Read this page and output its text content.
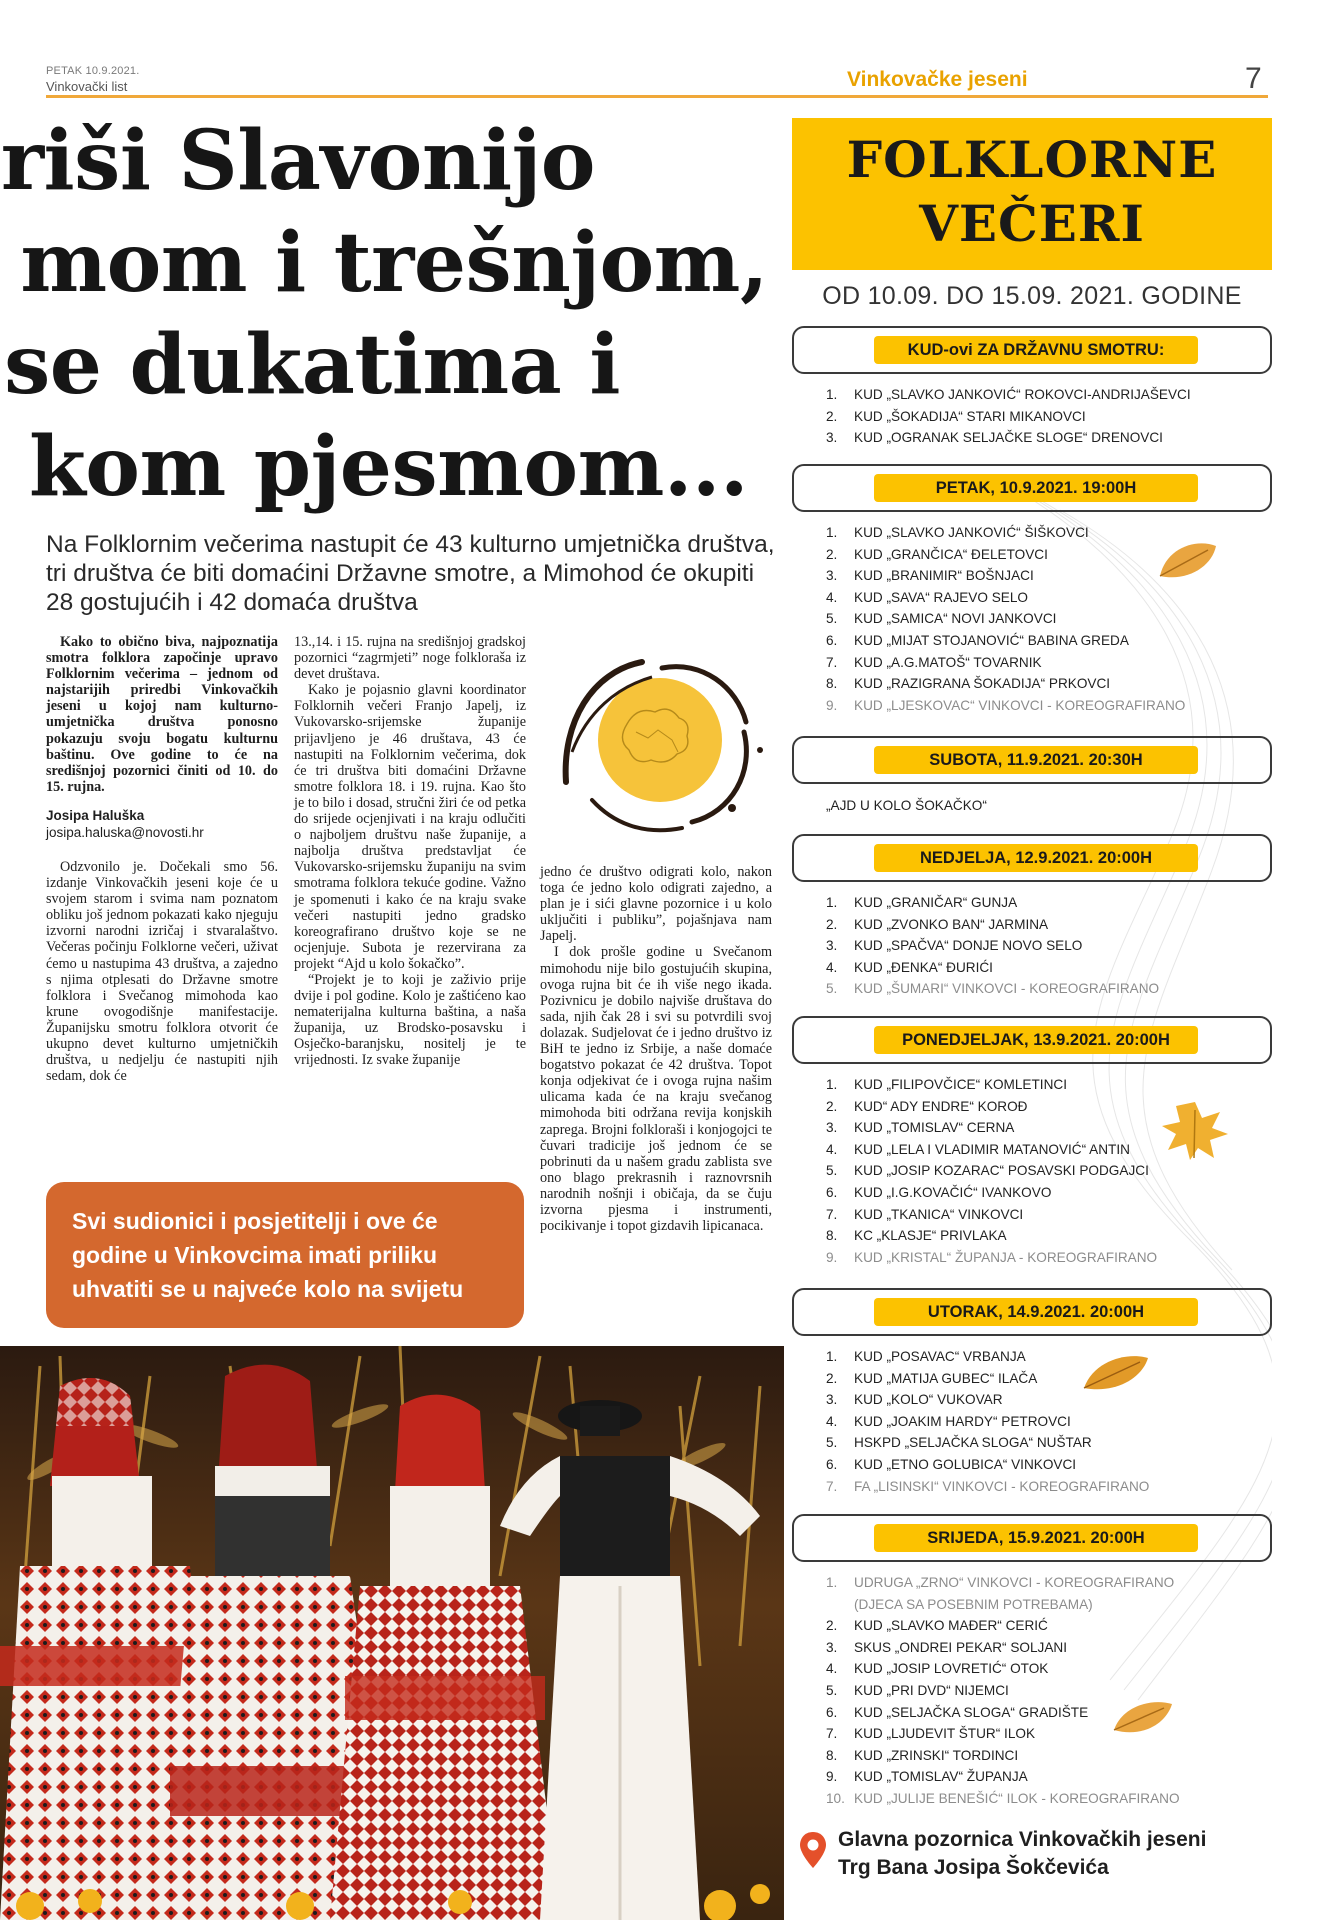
PETAK 10.9.2021.
Vinkovački list	Vinkovačke jeseni	7
riši Slavonijo
mom i trešnjom,
se dukatima i
kom pjesmom...
Na Folklornim večerima nastupit će 43 kulturno umjetnička društva, tri društva će biti domaćini Državne smotre, a Mimohod će okupiti 28 gostujućih i 42 domaća društva

Kako to obično biva, najpoznatija smotra folklora započinje upravo Folklornim večerima – jednom od najstarijih priredbi Vinkovačkih jeseni u kojoj nam kulturno-umjetnička društva ponosno pokazuju svoju bogatu kulturnu baštinu. Ove godine to će na središnjoj pozornici činiti od 10. do 15. rujna.

Josipa Haluška
josipa.haluska@novosti.hr

Odzvonilo je. Dočekali smo 56. izdanje Vinkovačkih jeseni koje će u svojem starom i svima nam poznatom obliku još jednom pokazati kako njeguju izvorni narodni izričaj i stvaralaštvo. Večeras počinju Folklorne večeri, uživat ćemo u nastupima 43 društva, a zajedno s njima otplesati do Državne smotre folklora i Svečanog mimohoda kao krune ovogodišnje manifestacije. Županijsku smotru folklora otvorit će ukupno devet kulturno umjetničkih društva, u nedjelju će nastupiti njih sedam, dok će

13.,14. i 15. rujna na središnjoj gradskoj pozornici “zagrmjeti” noge folkloraša iz devet društava.

Kako je pojasnio glavni koordinator Folklornih večeri Franjo Japelj, iz Vukovarsko-srijemske županije prijavljeno je 46 društava, 43 će nastupiti na Folklornim večerima, dok će tri društva biti domaćini Državne smotre folklora 18. i 19. rujna. Kao što je to bilo i dosad, stručni žiri će od petka do srijede ocjenjivati i na kraju odlučiti o najboljem društvu naše županije, a najbolja društva predstavljat će Vukovarsko-srijemsku županiju na svim smotrama folklora tekuće godine. Važno je spomenuti i kako će na kraju svake večeri nastupiti jedno gradsko koreografirano društvo koje se ne ocjenjuje. Subota je rezervirana za projekt “Ajd u kolo šokačko”.

“Projekt je to koji je zaživio prije dvije i pol godine. Kolo je zaštićeno kao nematerijalna kulturna baština, a naša županija, uz Brodsko-posavsku i Osječko-baranjsku, nositelj je te vrijednosti. Iz svake županije

jedno će društvo odigrati kolo, nakon toga će jedno kolo odigrati zajedno, a plan je i sići glavne pozornice i u kolo uključiti i publiku”, pojašnjava nam Japelj.

I dok prošle godine u Svečanom mimohodu nije bilo gostujućih skupina, ovoga rujna bit će ih više nego ikada. Pozivnicu je dobilo najviše društava do sada, njih čak 28 i svi su potvrdili svoj dolazak. Sudjelovat će i jedno društvo iz BiH te jedno iz Srbije, a naše domaće bogatstvo pokazat će 42 društva. Topot konja odjekivat će i ovoga rujna našim ulicama kada će na kraju svečanog mimohoda biti održana revija konjskih zaprega. Brojni folkloraši i konjogojci te čuvari tradicije još jednom će se pobrinuti da u našem gradu zablista sve ono blago prekrasnih i raznovrsnih narodnih nošnji i običaja, da se čuju izvorna pjesma i instrumenti, pocikivanje i topot gizdavih lipicanaca.

Svi sudionici i posjetitelji i ove će godine u Vinkovcima imati priliku uhvatiti se u najveće kolo na svijetu
FOLKLORNE
VEČERI
OD 10.09. DO 15.09. 2021. GODINE
KUD-ovi ZA DRŽAVNU SMOTRU:
1.	KUD „SLAVKO JANKOVIĆ“ ROKOVCI-ANDRIJAŠEVCI
2.	KUD „ŠOKADIJA“ STARI MIKANOVCI
3.	KUD „OGRANAK SELJAČKE SLOGE“ DRENOVCI
PETAK, 10.9.2021. 19:00H
1.	KUD „SLAVKO JANKOVIĆ“ ŠIŠKOVCI
2.	KUD „GRANČICA“ ĐELETOVCI
3.	KUD „BRANIMIR“ BOŠNJACI
4.	KUD „SAVA“ RAJEVO SELO
5.	KUD „SAMICA“ NOVI JANKOVCI
6.	KUD „MIJAT STOJANOVIĆ“ BABINA GREDA
7.	KUD „A.G.MATOŠ“ TOVARNIK
8.	KUD „RAZIGRANA ŠOKADIJA“ PRKOVCI
9.	KUD „LJESKOVAC“ VINKOVCI - KOREOGRAFIRANO
SUBOTA, 11.9.2021. 20:30H
„AJD U KOLO ŠOKAČKO“
NEDJELJA, 12.9.2021. 20:00H
1.	KUD „GRANIČAR“ GUNJA
2.	KUD „ZVONKO BAN“ JARMINA
3.	KUD „SPAČVA“ DONJE NOVO SELO
4.	KUD „ĐENKA“ ĐURIĆI
5.	KUD „ŠUMARI“ VINKOVCI - KOREOGRAFIRANO
PONEDJELJAK, 13.9.2021. 20:00H
1.	KUD „FILIPOVČICE“ KOMLETINCI
2.	KUD“ ADY ENDRE“ KOROĐ
3.	KUD „TOMISLAV“ CERNA
4.	KUD „LELA I VLADIMIR MATANOVIĆ“ ANTIN
5.	KUD „JOSIP KOZARAC“ POSAVSKI PODGAJCI
6.	KUD „I.G.KOVAČIĆ“ IVANKOVO
7.	KUD „TKANICA“ VINKOVCI
8.	KC „KLASJE“ PRIVLAKA
9.	KUD „KRISTAL“ ŽUPANJA - KOREOGRAFIRANO
UTORAK, 14.9.2021. 20:00H
1.	KUD „POSAVAC“ VRBANJA
2.	KUD „MATIJA GUBEC“ ILAČA
3.	KUD „KOLO“ VUKOVAR
4.	KUD „JOAKIM HARDY“ PETROVCI
5.	HSKPD „SELJAČKA SLOGA“ NUŠTAR
6.	KUD „ETNO GOLUBICA“ VINKOVCI
7.	FA „LISINSKI“ VINKOVCI - KOREOGRAFIRANO
SRIJEDA, 15.9.2021. 20:00H
1.	UDRUGA „ZRNO“ VINKOVCI - KOREOGRAFIRANO (DJECA SA POSEBNIM POTREBAMA)
2.	KUD „SLAVKO MAĐER“ CERIĆ
3.	SKUS „ONDREI PEKAR“ SOLJANI
4.	KUD „JOSIP LOVRETIĆ“ OTOK
5.	KUD „PRI DVD“ NIJEMCI
6.	KUD „SELJAČKA SLOGA“ GRADIŠTE
7.	KUD „LJUDEVIT ŠTUR“ ILOK
8.	KUD „ZRINSKI“ TORDINCI
9.	KUD „TOMISLAV“ ŽUPANJA
10. KUD „JULIJE BENEŠIĆ“ ILOK - KOREOGRAFIRANO
Glavna pozornica Vinkovačkih jeseni
Trg Bana Josipa Šokčevića
